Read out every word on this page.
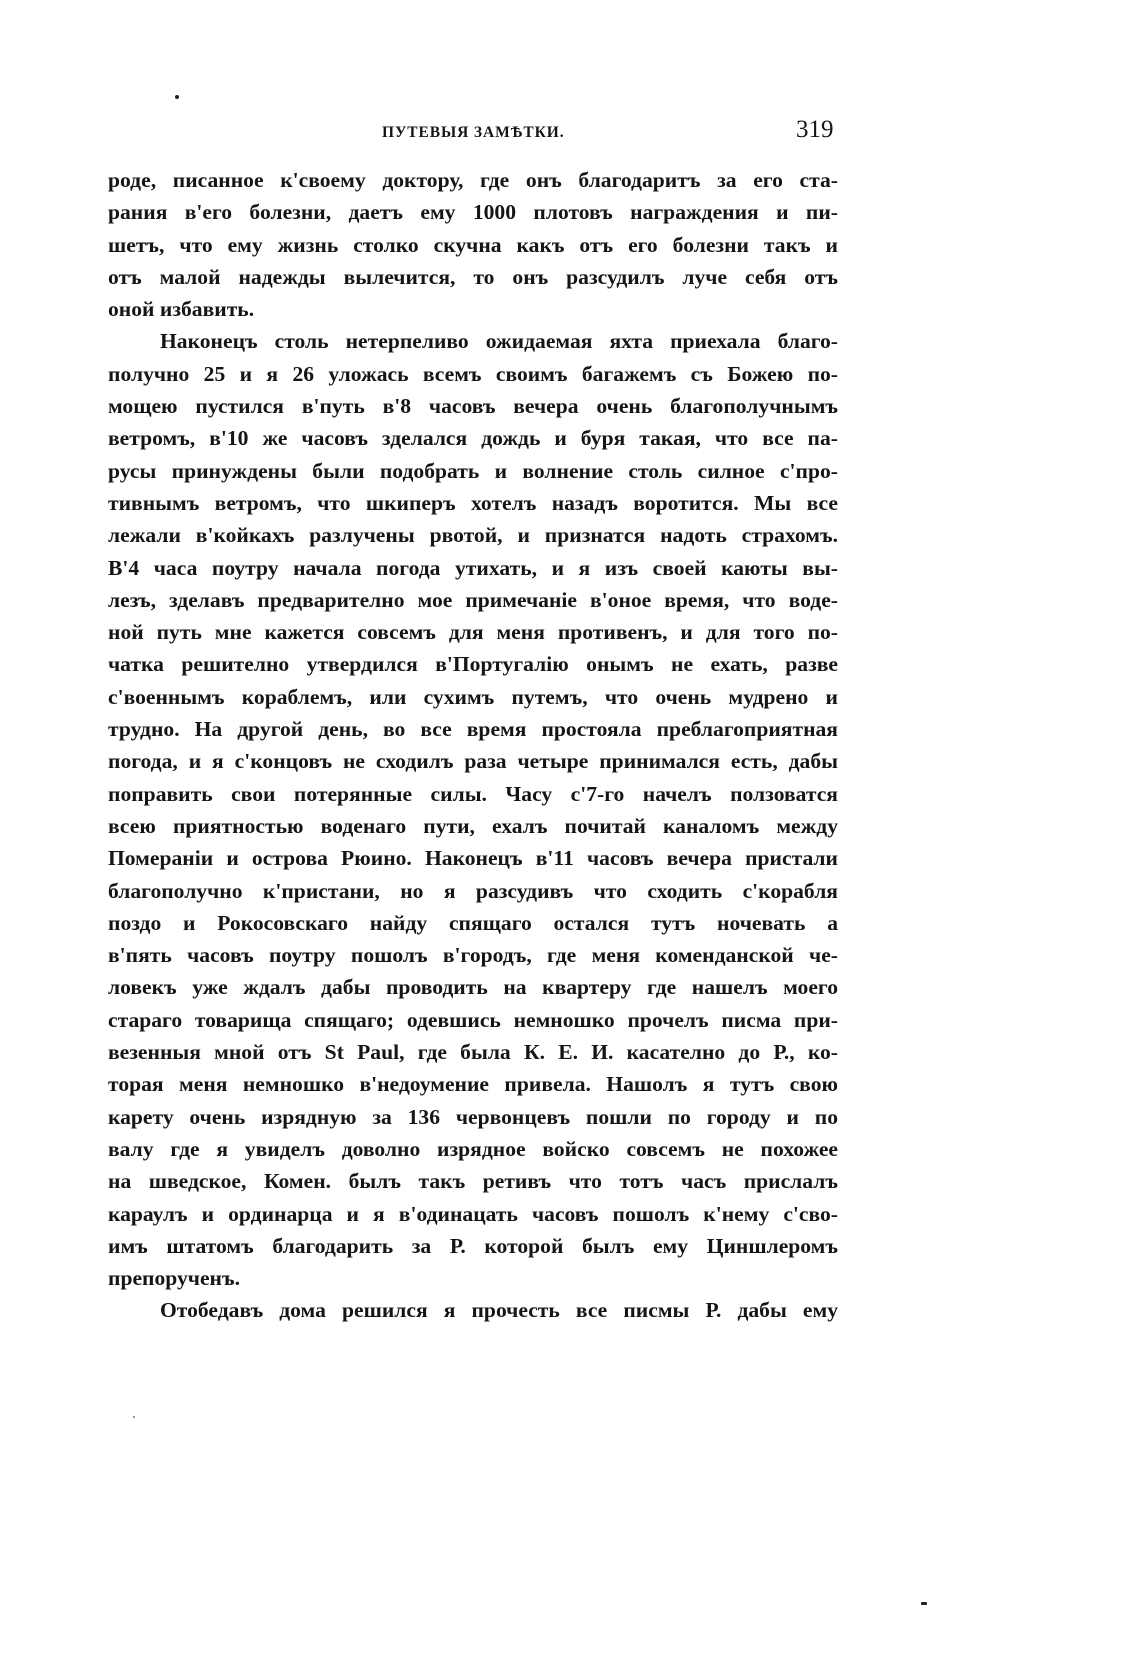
ПУТЕВЫЯ ЗАМѢТКИ.	319
роде, писанное к'своему доктору, где онъ благодаритъ за его ста-
рания в'его болезни, даетъ ему 1000 плотовъ награждения и пи-
шетъ, что ему жизнь столко скучна какъ отъ его болезни такъ и
отъ малой надежды вылечится, то онъ разсудилъ луче себя отъ
оной избавить.
Наконецъ столь нетерпеливо ожидаемая яхта приехала благо-
получно 25 и я 26 уложась всемъ своимъ багажемъ съ Божею по-
мощею пустился в'путь в'8 часовъ вечера очень благополучнымъ
ветромъ, в'10 же часовъ зделался дождь и буря такая, что все па-
русы принуждены были подобрать и волнение столь силное с'про-
тивнымъ ветромъ, что шкиперъ хотелъ назадъ воротится. Мы все
лежали в'койкахъ разлучены рвотой, и признатся надоть страхомъ.
В'4 часа поутру начала погода утихать, и я изъ своей каюты вы-
лезъ, зделавъ предварително мое примечаніе в'оное время, что воде-
ной путь мне кажется совсемъ для меня противенъ, и для того по-
чатка решително утвердился в'Португалію онымъ не ехать, разве
с'военнымъ кораблемъ, или сухимъ путемъ, что очень мудрено и
трудно. На другой день, во все время простояла преблагоприятная
погода, и я с'концовъ не сходилъ раза четыре принимался есть, дабы
поправить свои потерянные силы. Часу с'7-го начелъ ползоватся
всею приятностью воденаго пути, ехалъ почитай каналомъ между
Помераніи и острова Рюино. Наконецъ в'11 часовъ вечера пристали
благополучно к'пристани, но я разсудивъ что сходить с'корабля
поздо и Рокосовскаго найду спящаго остался тутъ ночевать а
в'пять часовъ поутру пошолъ в'городъ, где меня коменданской че-
ловекъ уже ждалъ дабы проводить на квартеру где нашелъ моего
стараго товарища спящаго; одевшись немношко прочелъ писма при-
везенныя мной отъ St Paul, где была К. Е. И. касателно до Р., ко-
торая меня немношко в'недоумение привела. Нашолъ я тутъ свою
карету очень изрядную за 136 червонцевъ пошли по городу и по
валу где я увиделъ доволно изрядное войско совсемъ не похожее
на шведское, Комен. былъ такъ ретивъ что тотъ часъ прислалъ
караулъ и ординарца и я в'одинацать часовъ пошолъ к'нему с'сво-
имъ штатомъ благодарить за Р. которой былъ ему Циншлеромъ
препорученъ.
Отобедавъ дома решился я прочесть все писмы Р. дабы ему
